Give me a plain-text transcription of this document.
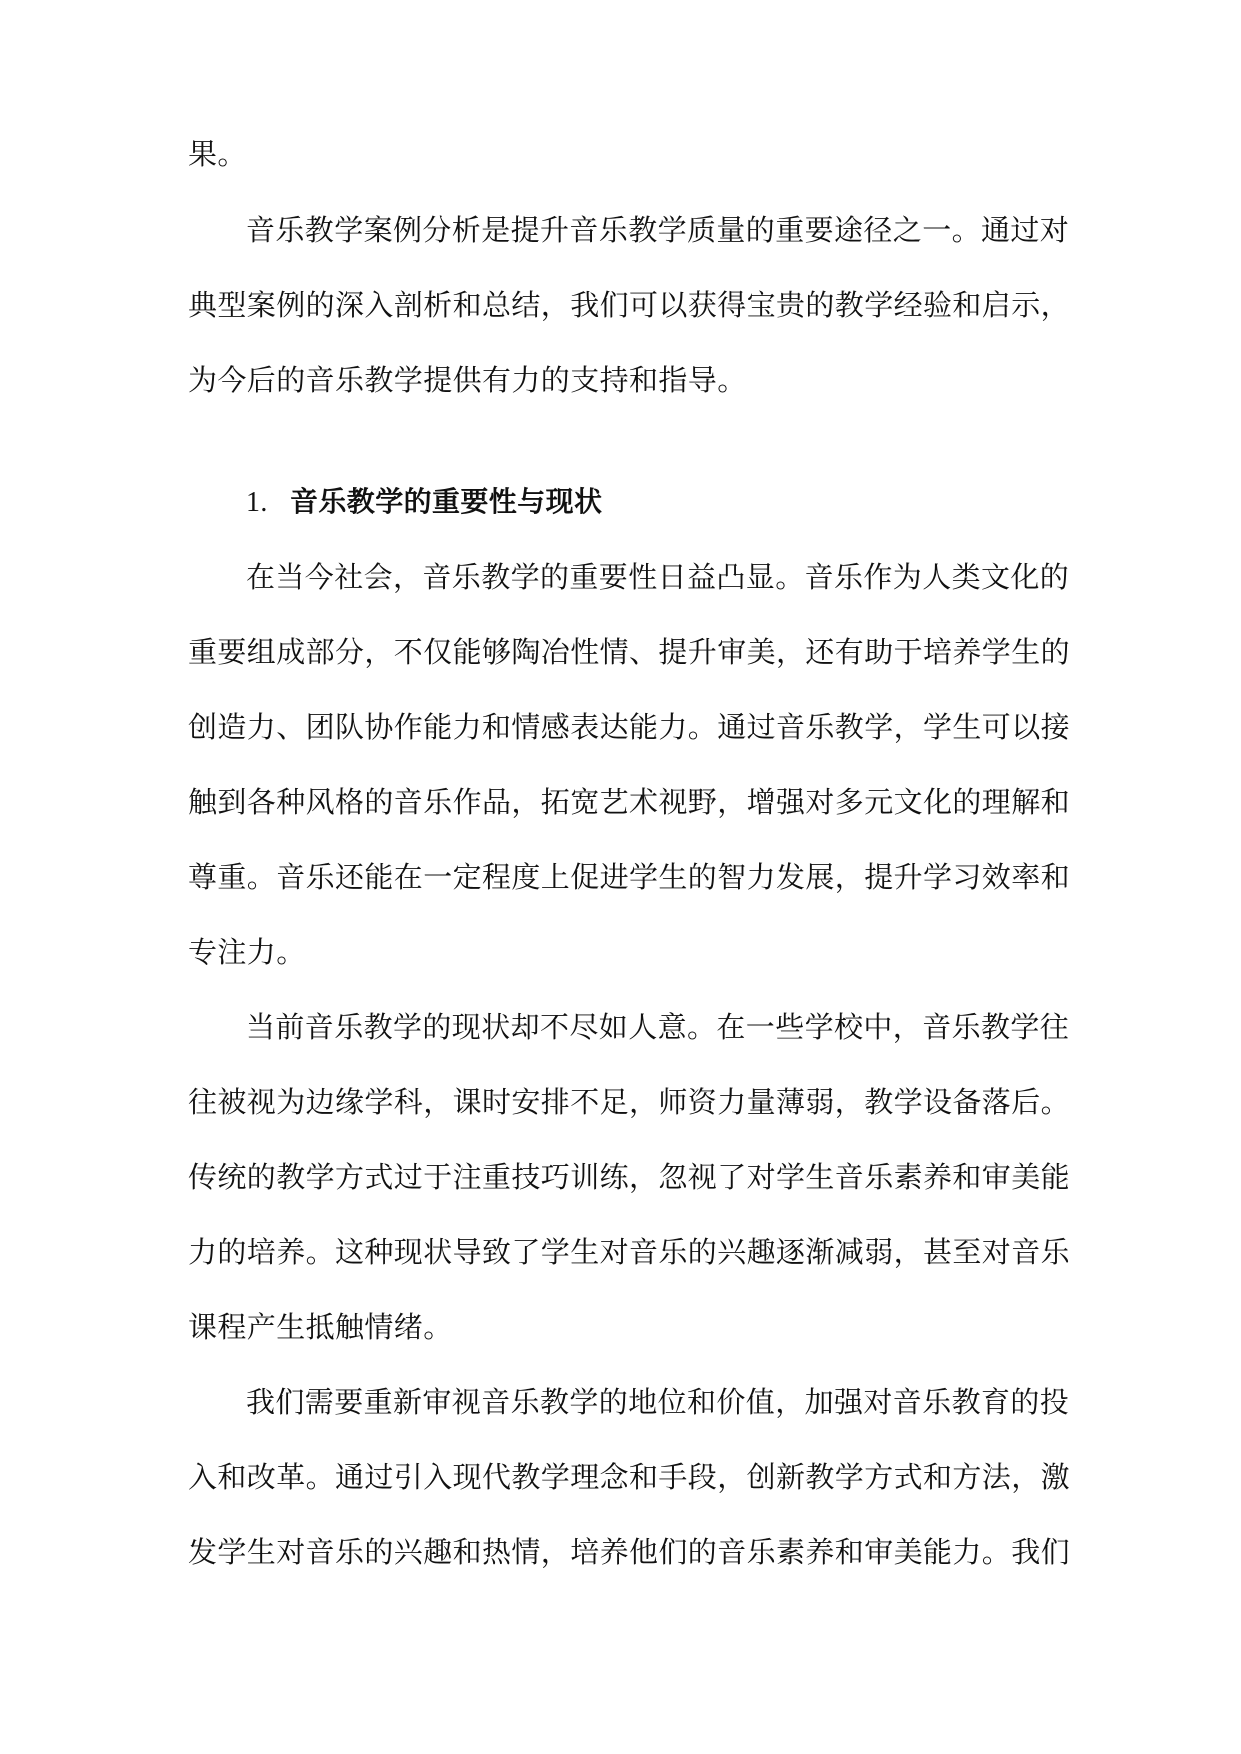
果。
音乐教学案例分析是提升音乐教学质量的重要途径之一。通过对
典型案例的深入剖析和总结，我们可以获得宝贵的教学经验和启示，
为今后的音乐教学提供有力的支持和指导。
1. 音乐教学的重要性与现状
在当今社会，音乐教学的重要性日益凸显。音乐作为人类文化的
重要组成部分，不仅能够陶冶性情、提升审美，还有助于培养学生的
创造力、团队协作能力和情感表达能力。通过音乐教学，学生可以接
触到各种风格的音乐作品，拓宽艺术视野，增强对多元文化的理解和
尊重。音乐还能在一定程度上促进学生的智力发展，提升学习效率和
专注力。
当前音乐教学的现状却不尽如人意。在一些学校中，音乐教学往
往被视为边缘学科，课时安排不足，师资力量薄弱，教学设备落后。
传统的教学方式过于注重技巧训练，忽视了对学生音乐素养和审美能
力的培养。这种现状导致了学生对音乐的兴趣逐渐减弱，甚至对音乐
课程产生抵触情绪。
我们需要重新审视音乐教学的地位和价值，加强对音乐教育的投
入和改革。通过引入现代教学理念和手段，创新教学方式和方法，激
发学生对音乐的兴趣和热情，培养他们的音乐素养和审美能力。我们
